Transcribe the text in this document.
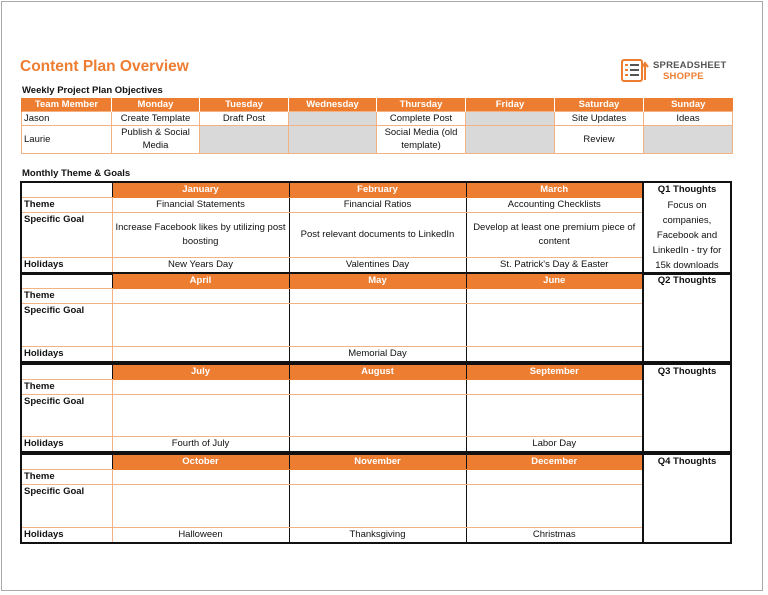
Content Plan Overview	SPREADSHEET
SHOPPE
Weekly Project Plan Objectives
Team Member	Monday	Tuesday	Wednesday	Thursday	Friday	Saturday	Sunday
Jason	Create Template	Draft Post		Complete Post		Site Updates	Ideas
Laurie	Publish & Social Media			Social Media (old template)		Review	
Monthly Theme & Goals
	January	February	March	Q1 Thoughts
Theme	Financial Statements	Financial Ratios	Accounting Checklists	Focus on companies, Facebook and LinkedIn - try for 15k downloads
Specific Goal	Increase Facebook likes by utilizing post boosting	Post relevant documents to LinkedIn	Develop at least one premium piece of content	
Holidays	New Years Day	Valentines Day	St. Patrick's Day & Easter	
	April	May	June	Q2 Thoughts
Theme				
Specific Goal				
Holidays		Memorial Day		
	July	August	September	Q3 Thoughts
Theme				
Specific Goal				
Holidays	Fourth of July		Labor Day	
	October	November	December	Q4 Thoughts
Theme				
Specific Goal				
Holidays	Halloween	Thanksgiving	Christmas	
